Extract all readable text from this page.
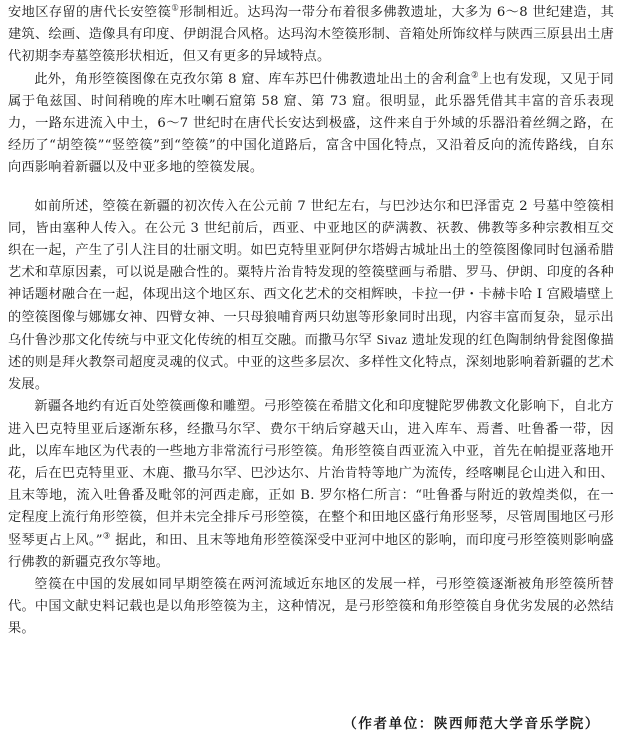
安地区存留的唐代长安箜篌①形制相近。达玛沟一带分布着很多佛教遗址，大多为 6～8 世纪建造，其建筑、绘画、造像具有印度、伊朗混合风格。达玛沟木箜篌形制、音箱处所饰纹样与陕西三原县出土唐代初期李寿墓箜篌形状相近，但又有更多的异域特点。

此外，角形箜篌图像在克孜尔第 8 窟、库车苏巴什佛教遗址出土的舍利盒②上也有发现，又见于同属于龟兹国、时间稍晚的库木吐喇石窟第 58 窟、第 73 窟。很明显，此乐器凭借其丰富的音乐表现力，一路东进流入中土，6～7 世纪时在唐代长安达到极盛，这件来自于外域的乐器沿着丝绸之路，在经历了“胡箜篌”“竖箜篌”到“箜篌”的中国化道路后，富含中国化特点，又沿着反向的流传路线，自东向西影响着新疆以及中亚多地的箜篌发展。

如前所述，箜篌在新疆的初次传入在公元前 7 世纪左右，与巴沙达尔和巴泽雷克 2 号墓中箜篌相同，皆由塞种人传入。在公元 3 世纪前后，西亚、中亚地区的萨满教、祆教、佛教等多种宗教相互交织在一起，产生了引人注目的壮丽文明。如巴克特里亚阿伊尔塔姆古城址出土的箜篌图像同时包涵希腊艺术和草原因素，可以说是融合性的。粟特片治肯特发现的箜篌壁画与希腊、罗马、伊朗、印度的各种神话题材融合在一起，体现出这个地区东、西文化艺术的交相辉映，卡拉一伊・卡赫卡哈 I 宫殿墙壁上的箜篌图像与娜娜女神、四臂女神、一只母狼哺育两只幼崽等形象同时出现，内容丰富而复杂，显示出乌什鲁沙那文化传统与中亚文化传统的相互交融。而撒马尔罕 Sivaz 遗址发现的红色陶制纳骨瓮图像描述的则是拜火教祭司超度灵魂的仪式。中亚的这些多层次、多样性文化特点，深刻地影响着新疆的艺术发展。

新疆各地约有近百处箜篌画像和雕塑。弓形箜篌在希腊文化和印度犍陀罗佛教文化影响下，自北方进入巴克特里亚后逐渐东移，经撒马尔罕、费尔干纳后穿越天山，进入库车、焉耆、吐鲁番一带，因此，以库车地区为代表的一些地方非常流行弓形箜篌。角形箜篌自西亚流入中亚，首先在帕提亚落地开花，后在巴克特里亚、木鹿、撒马尔罕、巴沙达尔、片治肯特等地广为流传，经喀喇昆仑山进入和田、且末等地，流入吐鲁番及毗邻的河西走廊，正如 B. 罗尔格仁所言：“吐鲁番与附近的敦煌类似，在一定程度上流行角形箜篌，但并未完全排斥弓形箜篌，在整个和田地区盛行角形竖琴，尽管周围地区弓形竖琴更占上风。”③ 据此，和田、且末等地角形箜篌深受中亚河中地区的影响，而印度弓形箜篌则影响盛行佛教的新疆克孜尔等地。

箜篌在中国的发展如同早期箜篌在两河流域近东地区的发展一样，弓形箜篌逐渐被角形箜篌所替代。中国文献史料记载也是以角形箜篌为主，这种情况，是弓形箜篌和角形箜篌自身优劣发展的必然结果。

（作者单位：陕西师范大学音乐学院）
